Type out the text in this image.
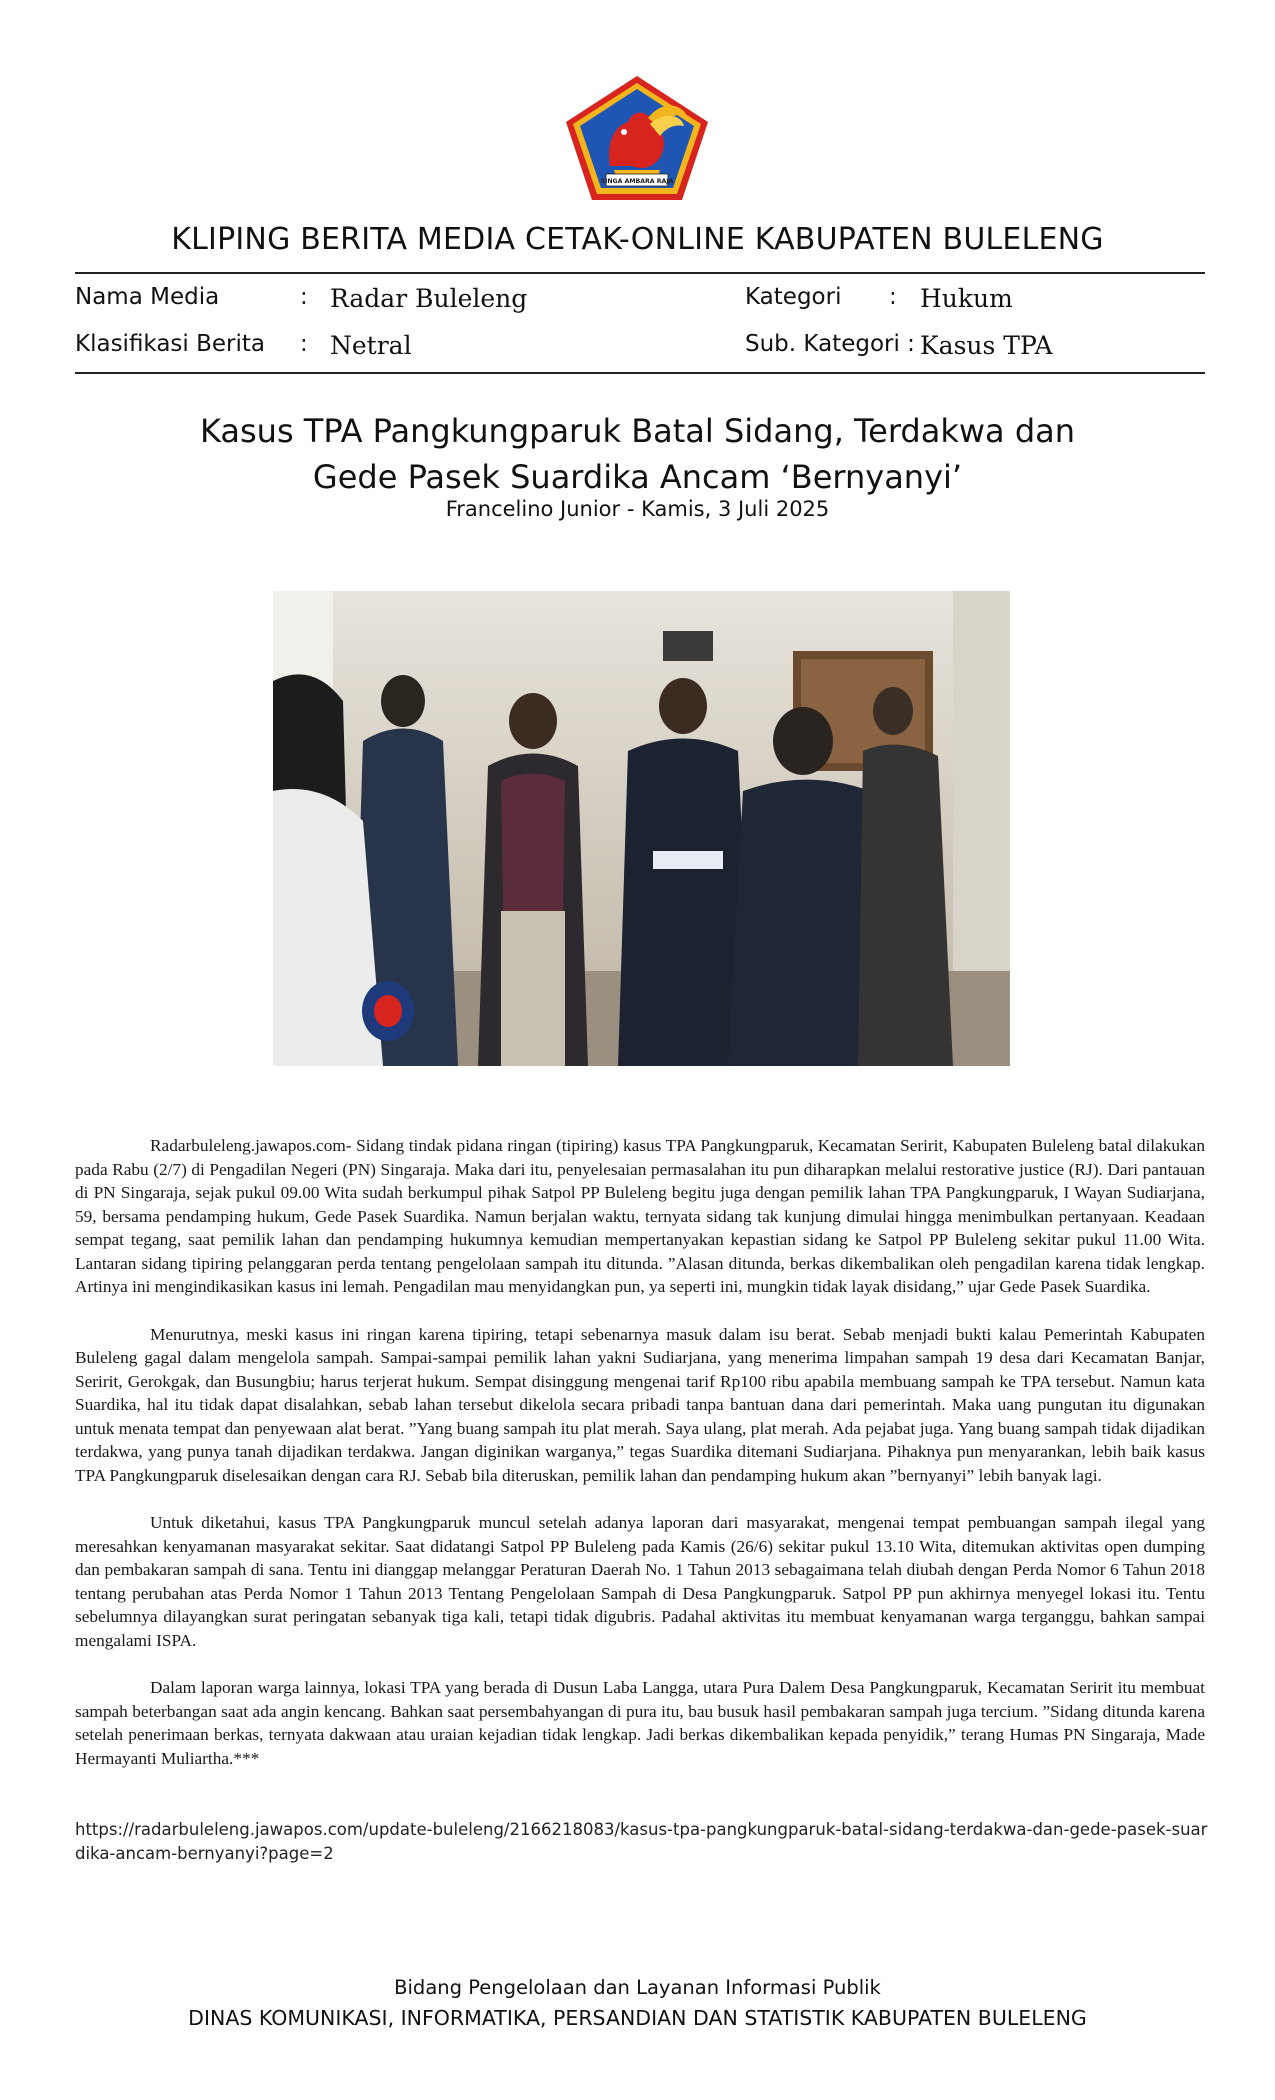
SINGA AMBARA RAJA
KLIPING BERITA MEDIA CETAK-ONLINE KABUPATEN BULELENG
Nama Media	: Radar Buleleng	Kategori : Hukum
Klasifikasi Berita : Netral	Sub. Kategori : Kasus TPA
Kasus TPA Pangkungparuk Batal Sidang, Terdakwa dan
Gede Pasek Suardika Ancam ‘Bernyanyi’
Francelino Junior - Kamis, 3 Juli 2025

Radarbuleleng.jawapos.com- Sidang tindak pidana ringan (tipiring) kasus TPA Pangkungparuk, Kecamatan Seririt, Kabupaten Buleleng batal dilakukan pada Rabu (2/7) di Pengadilan Negeri (PN) Singaraja. Maka dari itu, penyelesaian permasalahan itu pun diharapkan melalui restorative justice (RJ). Dari pantauan di PN Singaraja, sejak pukul 09.00 Wita sudah berkumpul pihak Satpol PP Buleleng begitu juga dengan pemilik lahan TPA Pangkungparuk, I Wayan Sudiarjana, 59, bersama pendamping hukum, Gede Pasek Suardika. Namun berjalan waktu, ternyata sidang tak kunjung dimulai hingga menimbulkan pertanyaan. Keadaan sempat tegang, saat pemilik lahan dan pendamping hukumnya kemudian mempertanyakan kepastian sidang ke Satpol PP Buleleng sekitar pukul 11.00 Wita. Lantaran sidang tipiring pelanggaran perda tentang pengelolaan sampah itu ditunda. ”Alasan ditunda, berkas dikembalikan oleh pengadilan karena tidak lengkap. Artinya ini mengindikasikan kasus ini lemah. Pengadilan mau menyidangkan pun, ya seperti ini, mungkin tidak layak disidang,” ujar Gede Pasek Suardika.

Menurutnya, meski kasus ini ringan karena tipiring, tetapi sebenarnya masuk dalam isu berat. Sebab menjadi bukti kalau Pemerintah Kabupaten Buleleng gagal dalam mengelola sampah. Sampai-sampai pemilik lahan yakni Sudiarjana, yang menerima limpahan sampah 19 desa dari Kecamatan Banjar, Seririt, Gerokgak, dan Busungbiu; harus terjerat hukum. Sempat disinggung mengenai tarif Rp100 ribu apabila membuang sampah ke TPA tersebut. Namun kata Suardika, hal itu tidak dapat disalahkan, sebab lahan tersebut dikelola secara pribadi tanpa bantuan dana dari pemerintah. Maka uang pungutan itu digunakan untuk menata tempat dan penyewaan alat berat. ”Yang buang sampah itu plat merah. Saya ulang, plat merah. Ada pejabat juga. Yang buang sampah tidak dijadikan terdakwa, yang punya tanah dijadikan terdakwa. Jangan diginikan warganya,” tegas Suardika ditemani Sudiarjana. Pihaknya pun menyarankan, lebih baik kasus TPA Pangkungparuk diselesaikan dengan cara RJ. Sebab bila diteruskan, pemilik lahan dan pendamping hukum akan ”bernyanyi” lebih banyak lagi.

Untuk diketahui, kasus TPA Pangkungparuk muncul setelah adanya laporan dari masyarakat, mengenai tempat pembuangan sampah ilegal yang meresahkan kenyamanan masyarakat sekitar. Saat didatangi Satpol PP Buleleng pada Kamis (26/6) sekitar pukul 13.10 Wita, ditemukan aktivitas open dumping dan pembakaran sampah di sana. Tentu ini dianggap melanggar Peraturan Daerah No. 1 Tahun 2013 sebagaimana telah diubah dengan Perda Nomor 6 Tahun 2018 tentang perubahan atas Perda Nomor 1 Tahun 2013 Tentang Pengelolaan Sampah di Desa Pangkungparuk. Satpol PP pun akhirnya menyegel lokasi itu. Tentu sebelumnya dilayangkan surat peringatan sebanyak tiga kali, tetapi tidak digubris. Padahal aktivitas itu membuat kenyamanan warga terganggu, bahkan sampai mengalami ISPA.

Dalam laporan warga lainnya, lokasi TPA yang berada di Dusun Laba Langga, utara Pura Dalem Desa Pangkungparuk, Kecamatan Seririt itu membuat sampah beterbangan saat ada angin kencang. Bahkan saat persembahyangan di pura itu, bau busuk hasil pembakaran sampah juga tercium. ”Sidang ditunda karena setelah penerimaan berkas, ternyata dakwaan atau uraian kejadian tidak lengkap. Jadi berkas dikembalikan kepada penyidik,” terang Humas PN Singaraja, Made Hermayanti Muliartha.***

https://radarbuleleng.jawapos.com/update-buleleng/2166218083/kasus-tpa-pangkungparuk-batal-sidang-terdakwa-dan-gede-pasek-suardika-ancam-bernyanyi?page=2
Bidang Pengelolaan dan Layanan Informasi Publik
DINAS KOMUNIKASI, INFORMATIKA, PERSANDIAN DAN STATISTIK KABUPATEN BULELENG
